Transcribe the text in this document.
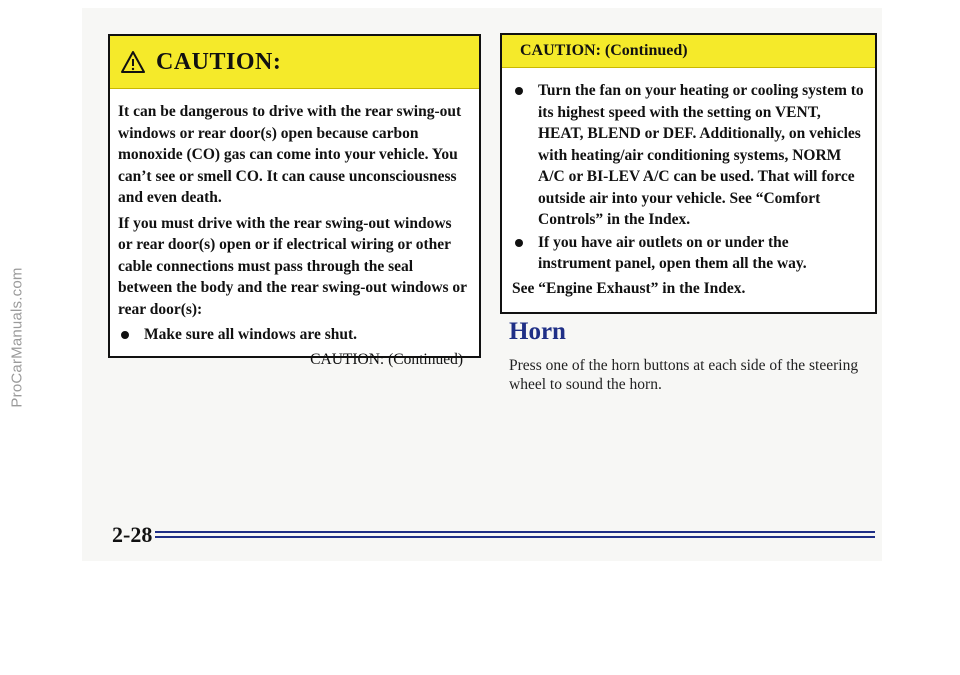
ProCarManuals.com
CAUTION:

It can be dangerous to drive with the rear swing-out windows or rear door(s) open because carbon monoxide (CO) gas can come into your vehicle. You can’t see or smell CO. It can cause unconsciousness and even death.

If you must drive with the rear swing-out windows or rear door(s) open or if electrical wiring or other cable connections must pass through the seal between the body and the rear swing-out windows or rear door(s):

Make sure all windows are shut.
CAUTION: (Continued)
CAUTION: (Continued)
Turn the fan on your heating or cooling system to its highest speed with the setting on VENT, HEAT, BLEND or DEF. Additionally, on vehicles with heating/air conditioning systems, NORM A/C or BI-LEV A/C can be used. That will force outside air into your vehicle. See “Comfort Controls” in the Index.
If you have air outlets on or under the instrument panel, open them all the way.
See “Engine Exhaust” in the Index.
Horn
Press one of the horn buttons at each side of the steering wheel to sound the horn.
2-28
